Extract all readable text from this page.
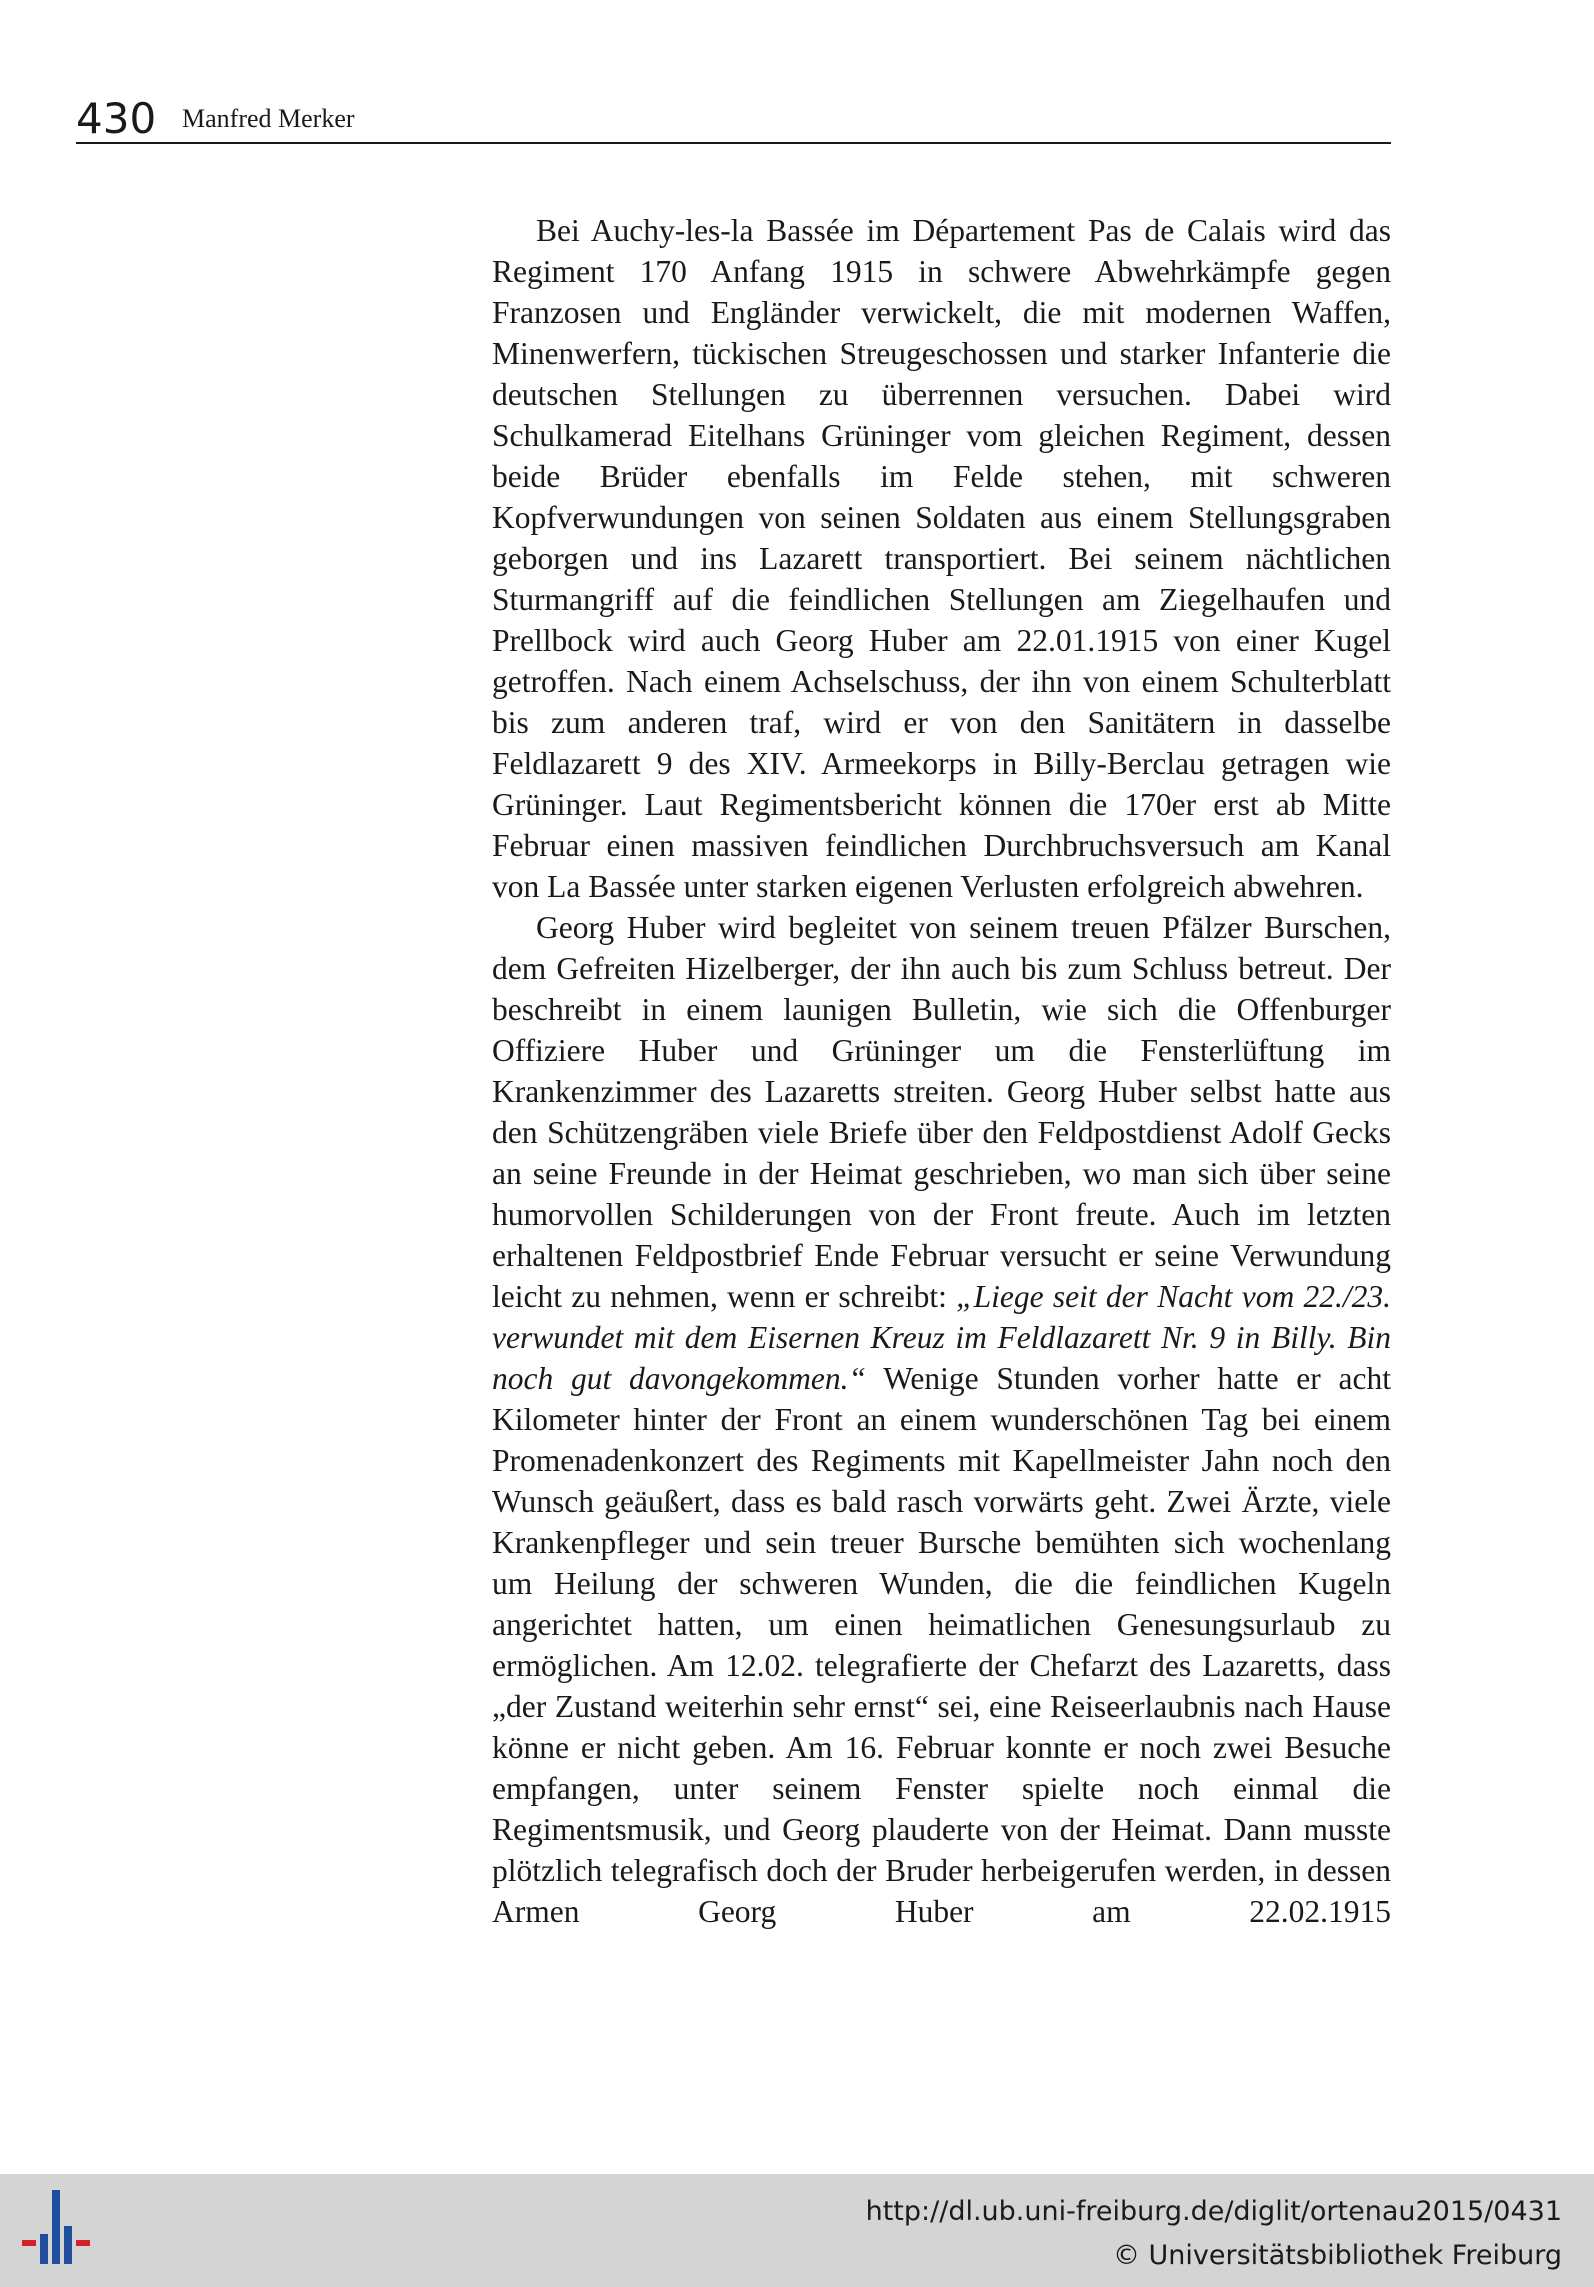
430 Manfred Merker

Bei Auchy-les-la Bassée im Département Pas de Calais wird das Regiment 170 Anfang 1915 in schwere Abwehrkämpfe gegen Franzosen und Engländer verwickelt, die mit modernen Waffen, Minenwerfern, tückischen Streugeschossen und starker Infanterie die deutschen Stellungen zu überrennen versuchen. Dabei wird Schulkamerad Eitelhans Grüninger vom gleichen Regiment, dessen beide Brüder ebenfalls im Felde stehen, mit schweren Kopfverwundungen von seinen Soldaten aus einem Stellungsgraben geborgen und ins Lazarett transportiert. Bei seinem nächtlichen Sturmangriff auf die feindlichen Stellungen am Ziegelhaufen und Prellbock wird auch Georg Huber am 22.01.1915 von einer Kugel getroffen. Nach einem Achselschuss, der ihn von einem Schulterblatt bis zum anderen traf, wird er von den Sanitätern in dasselbe Feldlazarett 9 des XIV. Armeekorps in Billy-Berclau getragen wie Grüninger. Laut Regimentsbericht können die 170er erst ab Mitte Februar einen massiven feindlichen Durchbruchsversuch am Kanal von La Bassée unter starken eigenen Verlusten erfolgreich abwehren.

Georg Huber wird begleitet von seinem treuen Pfälzer Burschen, dem Gefreiten Hizelberger, der ihn auch bis zum Schluss betreut. Der beschreibt in einem launigen Bulletin, wie sich die Offenburger Offiziere Huber und Grüninger um die Fensterlüftung im Krankenzimmer des Lazaretts streiten. Georg Huber selbst hatte aus den Schützengräben viele Briefe über den Feldpostdienst Adolf Gecks an seine Freunde in der Heimat geschrieben, wo man sich über seine humorvollen Schilderungen von der Front freute. Auch im letzten erhaltenen Feldpostbrief Ende Februar versucht er seine Verwundung leicht zu nehmen, wenn er schreibt: „Liege seit der Nacht vom 22./23. verwundet mit dem Eisernen Kreuz im Feldlazarett Nr. 9 in Billy. Bin noch gut davongekommen.“ Wenige Stunden vorher hatte er acht Kilometer hinter der Front an einem wunderschönen Tag bei einem Promenadenkonzert des Regiments mit Kapellmeister Jahn noch den Wunsch geäußert, dass es bald rasch vorwärts geht. Zwei Ärzte, viele Krankenpfleger und sein treuer Bursche bemühten sich wochenlang um Heilung der schweren Wunden, die die feindlichen Kugeln angerichtet hatten, um einen heimatlichen Genesungsurlaub zu ermöglichen. Am 12.02. telegrafierte der Chefarzt des Lazaretts, dass „der Zustand weiterhin sehr ernst“ sei, eine Reiseerlaubnis nach Hause könne er nicht geben. Am 16. Februar konnte er noch zwei Besuche empfangen, unter seinem Fenster spielte noch einmal die Regimentsmusik, und Georg plauderte von der Heimat. Dann musste plötzlich telegrafisch doch der Bruder herbeigerufen werden, in dessen Armen Georg Huber am 22.02.1915

http://dl.ub.uni-freiburg.de/diglit/ortenau2015/0431
© Universitätsbibliothek Freiburg
